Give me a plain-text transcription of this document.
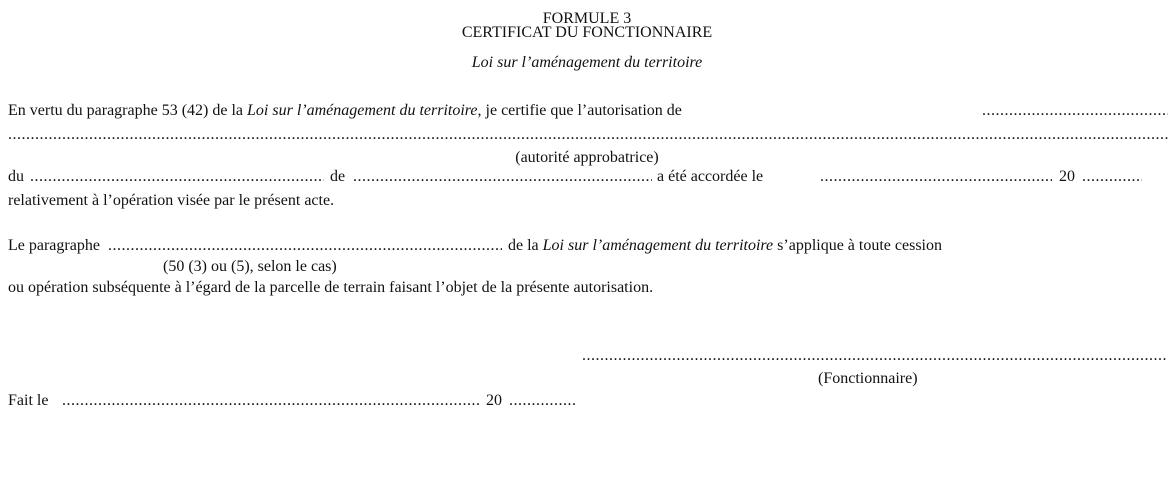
FORMULE 3
CERTIFICAT DU FONCTIONNAIRE
Loi sur l’aménagement du territoire
En vertu du paragraphe 53 (42) de la Loi sur l’aménagement du territoire, je certifie que l’autorisation de
.....
.....
(autorité approbatrice)
du .....	de .....	a été accordée le .....	20
.....
relativement à l’opération visée par le présent acte.
Le paragraphe .....	de la Loi sur l’aménagement du territoire s’applique à toute cession
(50 (3) ou (5), selon le cas)
ou opération subséquente à l’égard de la parcelle de terrain faisant l’objet de la présente autorisation.
.....
(Fonctionnaire)
Fait le .....	20
.....
